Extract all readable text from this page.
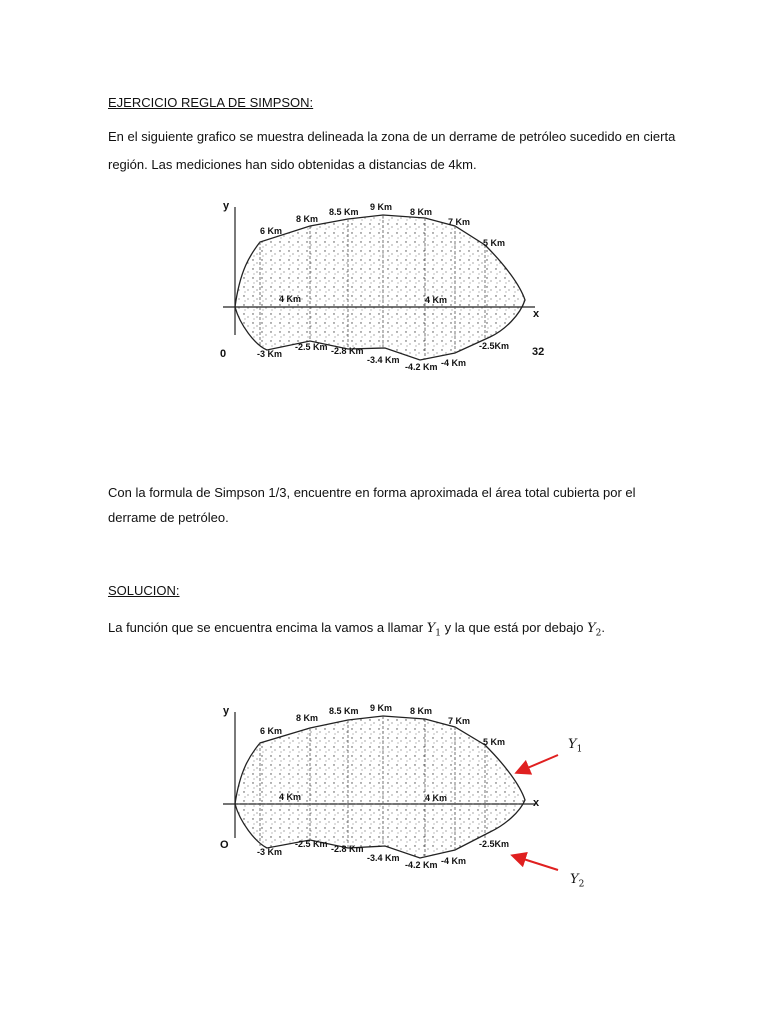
EJERCICIO REGLA DE SIMPSON:
En el siguiente grafico se muestra delineada la zona de un derrame de petróleo sucedido en cierta
región. Las mediciones han sido obtenidas a distancias de 4km.
y
x
0	32
6 Km
8 Km
8.5 Km 9 Km 8 Km
7 Km
5 Km
4 Km	4 Km
-3 Km
-2.5 Km -2.8 Km
-3.4 Km
-4.2 Km -4 Km
-2.5Km
Con la formula de Simpson 1/3, encuentre en forma aproximada el área total cubierta por el
derrame de petróleo.
SOLUCION:
La función que se encuentra encima la vamos a llamar $Y_1$ y la que está por debajo $Y_2$.
y
x
O
6 Km
8 Km
8.5 Km 9 Km 8 Km
7 Km
5 Km
4 Km	4 Km
-3 Km
-2.5 Km -2.8 Km
-3.4 Km
-4.2 Km -4 Km
-2.5Km
$Y_1$
$Y_2$
